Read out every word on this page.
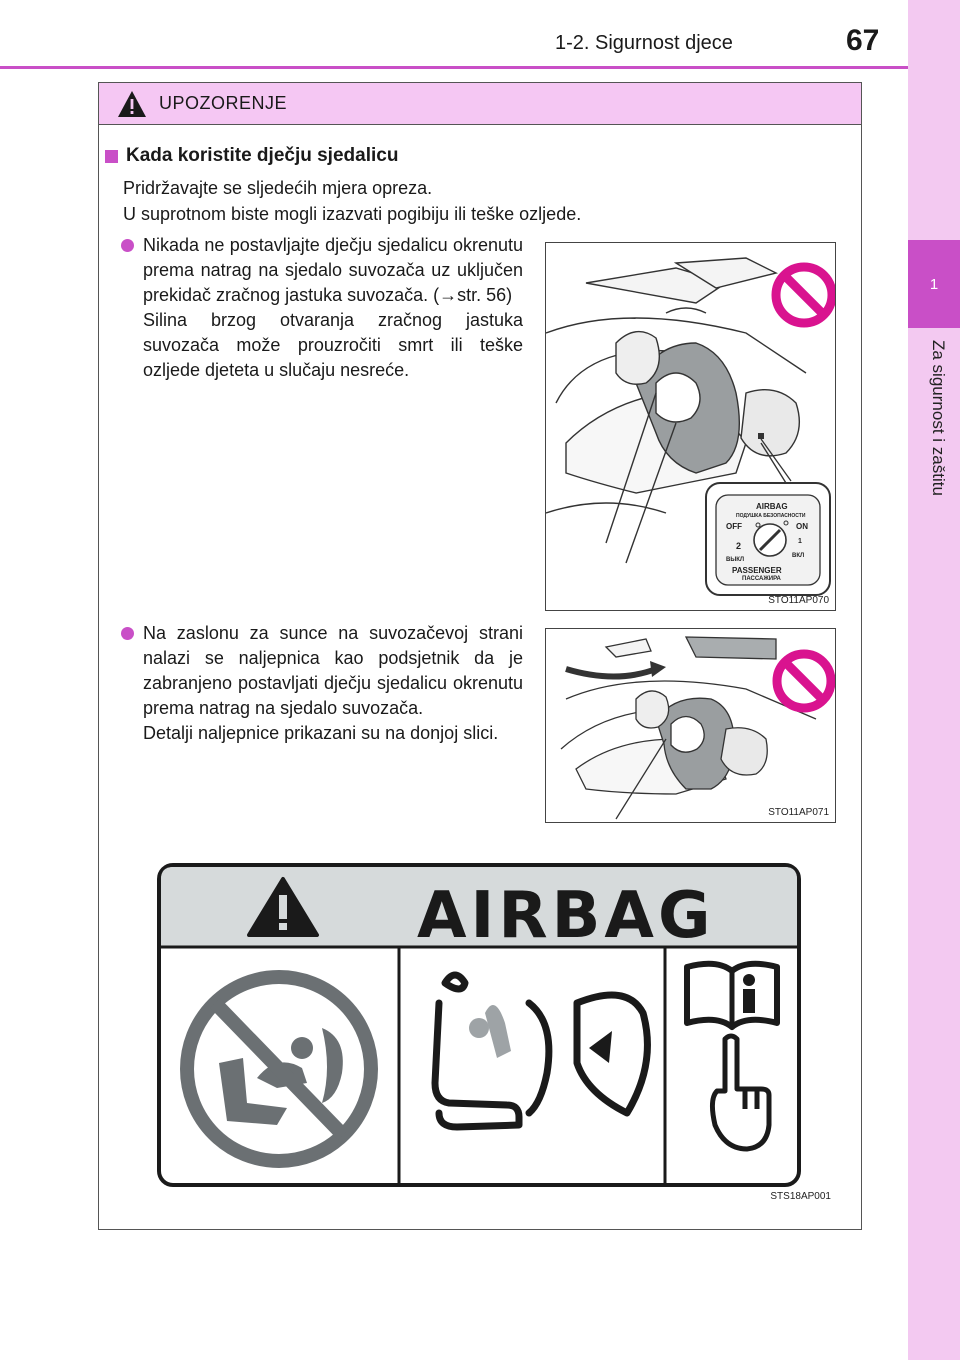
1-2. Sigurnost djece	67
1
Za sigurnost i zaštitu
UPOZORENJE
Kada koristite dječju sjedalicu
Pridržavajte se sljedećih mjera opreza.
U suprotnom biste mogli izazvati pogibiju ili teške ozljede.
Nikada ne postavljajte dječju sjedalicu okrenutu prema natrag na sjedalo suvozača uz uključen prekidač zračnog jastuka suvozača. (→str. 56)
Silina brzog otvaranja zračnog jastuka suvozača može prouzročiti smrt ili teške ozljede djeteta u slučaju nesreće.
AIRBAG
ПОДУШКА БЕЗОПАСНОСТИ
OFF	ON
1
2
ВЫКЛ
ВКЛ
PASSENGER
ПАССАЖИРА
STO11AP070
Na zaslonu za sunce na suvozačevoj strani nalazi se naljepnica kao podsjetnik da je zabranjeno postavljati dječju sjedalicu okrenutu prema natrag na sjedalo suvozača.
Detalji naljepnice prikazani su na donjoj slici.
STO11AP071
AIRBAG
STS18AP001
